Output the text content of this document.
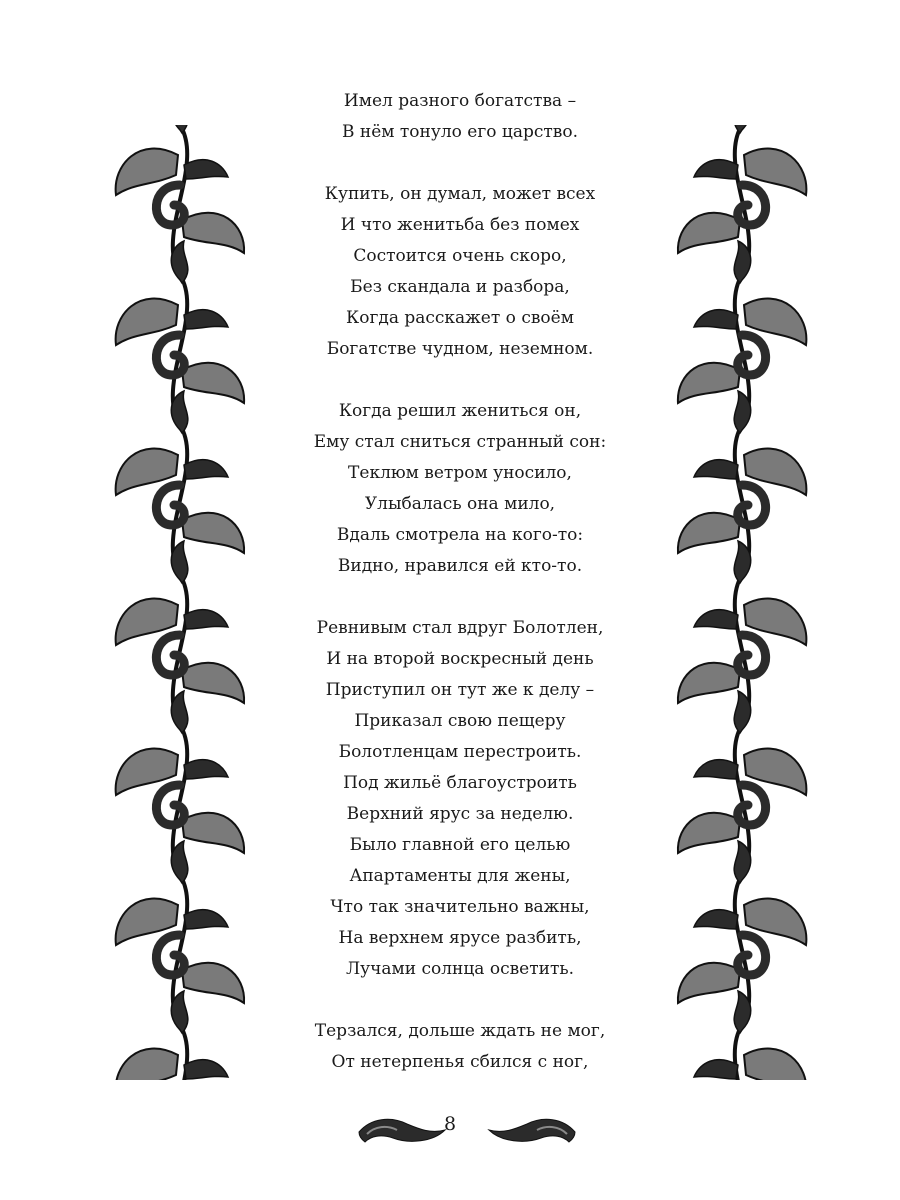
Имел разного богатства –
В нём тонуло его царство.
Купить, он думал, может всех
И что женитьба без помех
Состоится очень скоро,
Без скандала и разбора,
Когда расскажет о своём
Богатстве чудном, неземном.
Когда решил жениться он,
Ему стал сниться странный сон:
Теклюм ветром уносило,
Улыбалась она мило,
Вдаль смотрела на кого-то:
Видно, нравился ей кто-то.
Ревнивым стал вдруг Болотлен,
И на второй воскресный день
Приступил он тут же к делу –
Приказал свою пещеру
Болотленцам перестроить.
Под жильё благоустроить
Верхний ярус за неделю.
Было главной его целью
Апартаменты для жены,
Что так значительно важны,
На верхнем ярусе разбить,
Лучами солнца осветить.
Терзался, дольше ждать не мог,
От нетерпенья сбился с ног,
8
